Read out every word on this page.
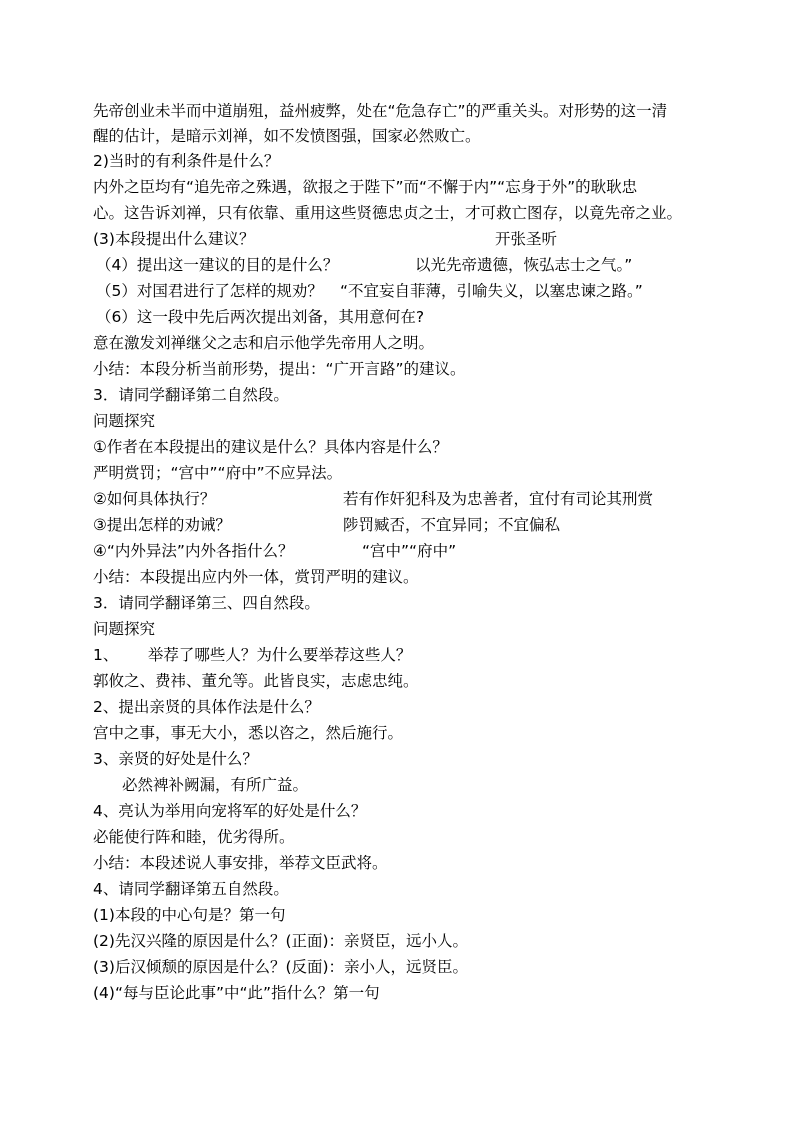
先帝创业未半而中道崩殂，益州疲弊，处在“危急存亡”的严重关头。对形势的这一清
醒的估计，是暗示刘禅，如不发愤图强，国家必然败亡。
2)当时的有利条件是什么？
内外之臣均有“追先帝之殊遇，欲报之于陛下”而“不懈于内”“忘身于外”的耿耿忠
心。这告诉刘禅，只有依靠、重用这些贤德忠贞之士，才可救亡图存，以竟先帝之业。
(3)本段提出什么建议？	开张圣听
（4）提出这一建议的目的是什么？	以光先帝遗德，恢弘志士之气。”
（5）对国君进行了怎样的规劝？ “不宜妄自菲薄，引喻失义，以塞忠谏之路。”
（6）这一段中先后两次提出刘备，其用意何在?
意在激发刘禅继父之志和启示他学先帝用人之明。
小结：本段分析当前形势，提出：“广开言路”的建议。
3．请同学翻译第二自然段。
问题探究
①作者在本段提出的建议是什么？具体内容是什么？
严明赏罚；“宫中”“府中”不应异法。
②如何具体执行？	若有作奸犯科及为忠善者，宜付有司论其刑赏
③提出怎样的劝诫？	陟罚臧否，不宜异同；不宜偏私
④“内外异法”内外各指什么？	“宫中”“府中”
小结：本段提出应内外一体，赏罚严明的建议。
3．请同学翻译第三、四自然段。
问题探究
1、      举荐了哪些人？为什么要举荐这些人？
郭攸之、费祎、董允等。此皆良实，志虑忠纯。
2、提出亲贤的具体作法是什么？
宫中之事，事无大小，悉以咨之，然后施行。
3、亲贤的好处是什么？
必然裨补阙漏，有所广益。
4、亮认为举用向宠将军的好处是什么？
必能使行阵和睦，优劣得所。
小结：本段述说人事安排，举荐文臣武将。
4、请同学翻译第五自然段。
(1)本段的中心句是？第一句
(2)先汉兴隆的原因是什么？(正面)：亲贤臣，远小人。
(3)后汉倾颓的原因是什么？(反面)：亲小人，远贤臣。
(4)“每与臣论此事”中“此”指什么？第一句
